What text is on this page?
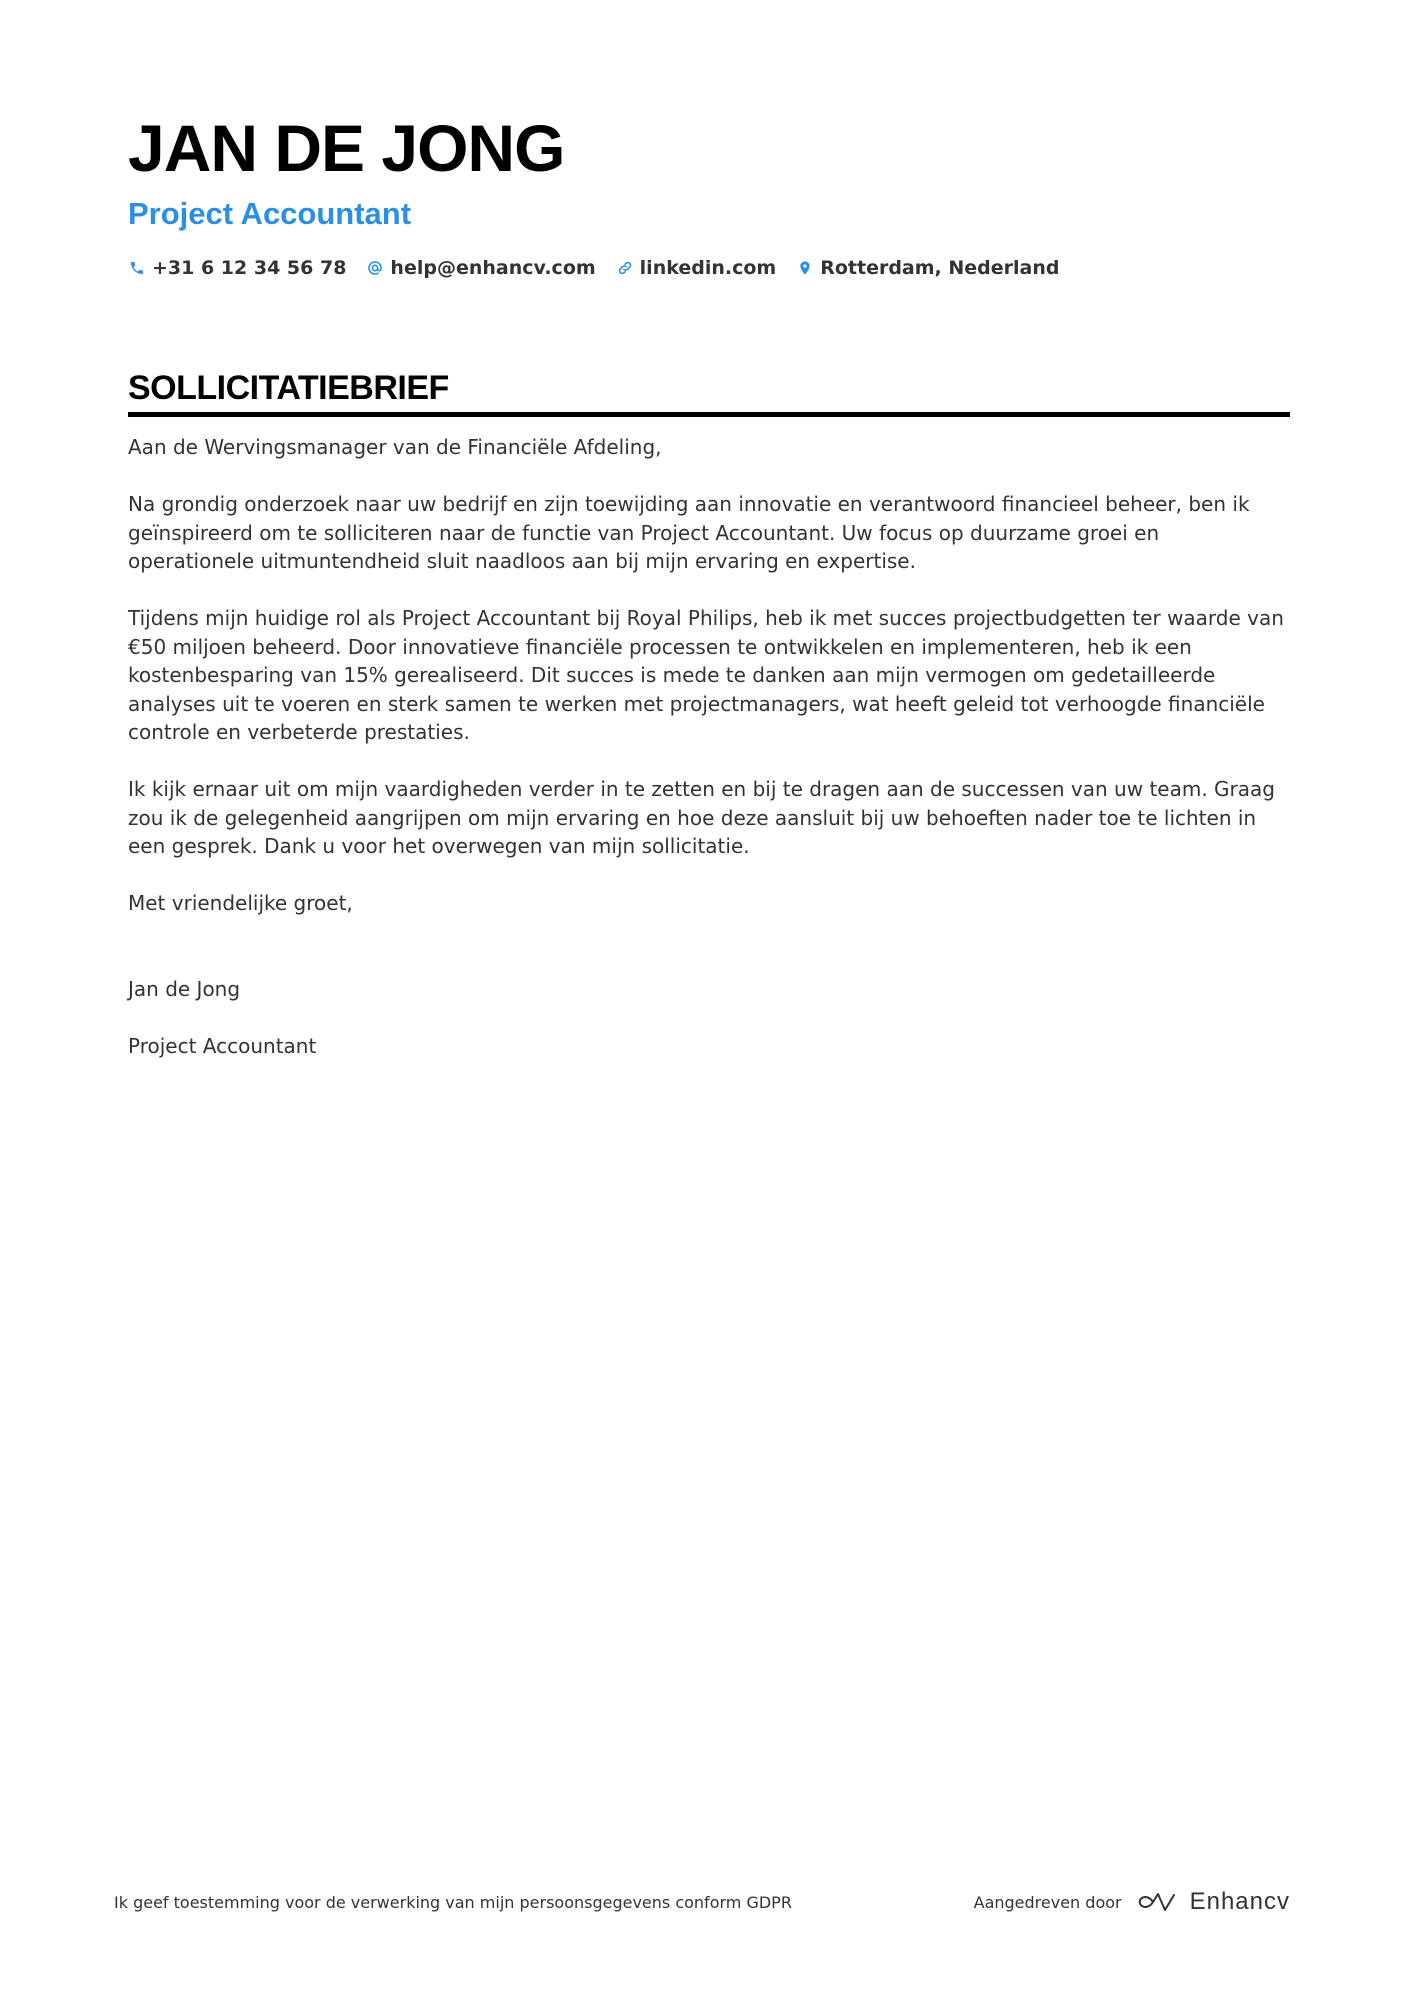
JAN DE JONG
Project Accountant
+31 6 12 34 56 78 help@enhancv.com linkedin.com Rotterdam, Nederland
SOLLICITATIEBRIEF

Aan de Wervingsmanager van de Financiële Afdeling,

Na grondig onderzoek naar uw bedrijf en zijn toewijding aan innovatie en verantwoord financieel beheer, ben ik geïnspireerd om te solliciteren naar de functie van Project Accountant. Uw focus op duurzame groei en operationele uitmuntendheid sluit naadloos aan bij mijn ervaring en expertise.

Tijdens mijn huidige rol als Project Accountant bij Royal Philips, heb ik met succes projectbudgetten ter waarde van €50 miljoen beheerd. Door innovatieve financiële processen te ontwikkelen en implementeren, heb ik een kostenbesparing van 15% gerealiseerd. Dit succes is mede te danken aan mijn vermogen om gedetailleerde analyses uit te voeren en sterk samen te werken met projectmanagers, wat heeft geleid tot verhoogde financiële controle en verbeterde prestaties.

Ik kijk ernaar uit om mijn vaardigheden verder in te zetten en bij te dragen aan de successen van uw team. Graag zou ik de gelegenheid aangrijpen om mijn ervaring en hoe deze aansluit bij uw behoeften nader toe te lichten in een gesprek. Dank u voor het overwegen van mijn sollicitatie.

Met vriendelijke groet,

Jan de Jong

Project Accountant

Ik geef toestemming voor de verwerking van mijn persoonsgegevens conform GDPR	Aangedreven door	Enhancv
